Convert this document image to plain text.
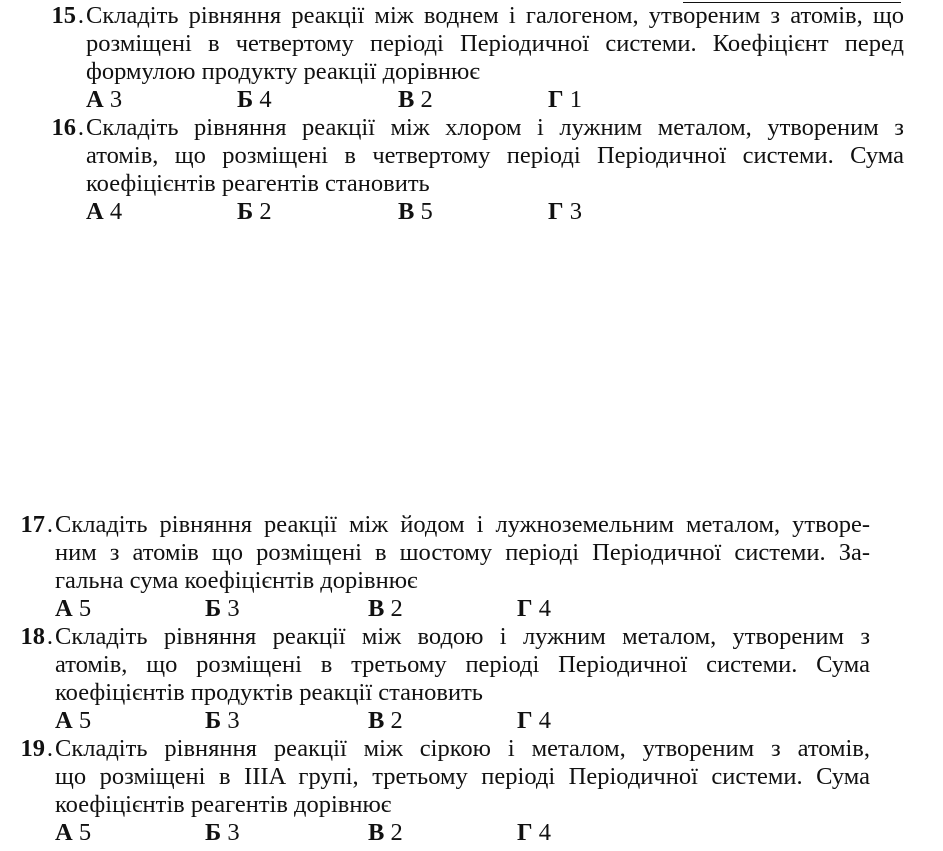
15 . Складіть рівняння реакції між воднем і галогеном, утвореним з атомів, що
розміщені в четвертому періоді Періодичної системи. Коефіцієнт перед
формулою продукту реакції дорівнює
А 3	Б 4	В 2	Г 1
16 . Складіть рівняння реакції між хлором і лужним металом, утвореним з
атомів, що розміщені в четвертому періоді Періодичної системи. Сума
коефіцієнтів реагентів становить
А 4	Б 2	В 5	Г 3
17 . Складіть рівняння реакції між йодом і лужноземельним металом, утворе-
ним з атомів що розміщені в шостому періоді Періодичної системи. За-
гальна сума коефіцієнтів дорівнює
А 5	Б 3	В 2	Г 4
18 . Складіть рівняння реакції між водою і лужним металом, утвореним з
атомів, що розміщені в третьому періоді Періодичної системи. Сума
коефіцієнтів продуктів реакції становить
А 5	Б 3	В 2	Г 4
19 . Складіть рівняння реакції між сіркою і металом, утвореним з атомів,
що розміщені в IIIA групі, третьому періоді Періодичної системи. Сума
коефіцієнтів реагентів дорівнює
А 5	Б 3	В 2	Г 4
